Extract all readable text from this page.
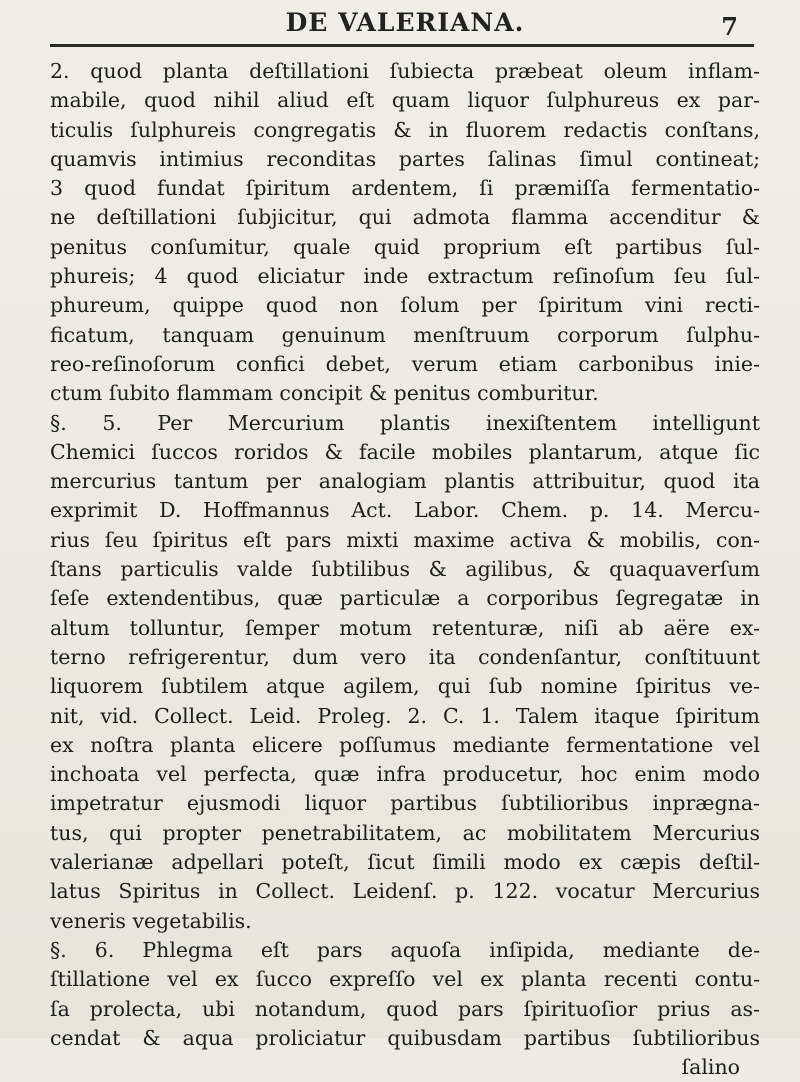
DE VALERIANA.	7
2. quod planta deſtillationi ſubiecta præbeat oleum inflam-
mabile, quod nihil aliud eſt quam liquor ſulphureus ex par-
ticulis ſulphureis congregatis & in fluorem redactis conſtans,
quamvis intimius reconditas partes ſalinas ſimul contineat;
3 quod fundat ſpiritum ardentem, ſi præmiſſa fermentatio-
ne deſtillationi ſubjicitur, qui admota flamma accenditur &
penitus conſumitur, quale quid proprium eſt partibus ſul-
phureis; 4 quod eliciatur inde extractum reſinoſum ſeu ſul-
phureum, quippe quod non ſolum per ſpiritum vini recti-
ficatum, tanquam genuinum menſtruum corporum ſulphu-
reo-reſinoſorum confici debet, verum etiam carbonibus inie-
ctum ſubito flammam concipit & penitus comburitur.
§. 5. Per Mercurium plantis inexiſtentem intelligunt
Chemici ſuccos roridos & facile mobiles plantarum, atque ſic
mercurius tantum per analogiam plantis attribuitur, quod ita
exprimit D. Hoffmannus Act. Labor. Chem. p. 14. Mercu-
rius ſeu ſpiritus eſt pars mixti maxime activa & mobilis, con-
ſtans particulis valde ſubtilibus & agilibus, & quaquaverſum
ſeſe extendentibus, quæ particulæ a corporibus ſegregatæ in
altum tolluntur, ſemper motum retenturæ, niſi ab aëre ex-
terno refrigerentur, dum vero ita condenſantur, conſtituunt
liquorem ſubtilem atque agilem, qui ſub nomine ſpiritus ve-
nit, vid. Collect. Leid. Proleg. 2. C. 1. Talem itaque ſpiritum
ex noſtra planta elicere poſſumus mediante fermentatione vel
inchoata vel perfecta, quæ infra producetur, hoc enim modo
impetratur ejusmodi liquor partibus ſubtilioribus inprægna-
tus, qui propter penetrabilitatem, ac mobilitatem Mercurius
valerianæ adpellari poteſt, ſicut ſimili modo ex cæpis deſtil-
latus Spiritus in Collect. Leidenſ. p. 122. vocatur Mercurius
veneris vegetabilis.
§. 6. Phlegma eſt pars aquoſa inſipida, mediante de-
ſtillatione vel ex ſucco expreſſo vel ex planta recenti contu-
ſa prolecta, ubi notandum, quod pars ſpirituoſior prius as-
cendat & aqua proliciatur quibusdam partibus ſubtilioribus
ſalino
